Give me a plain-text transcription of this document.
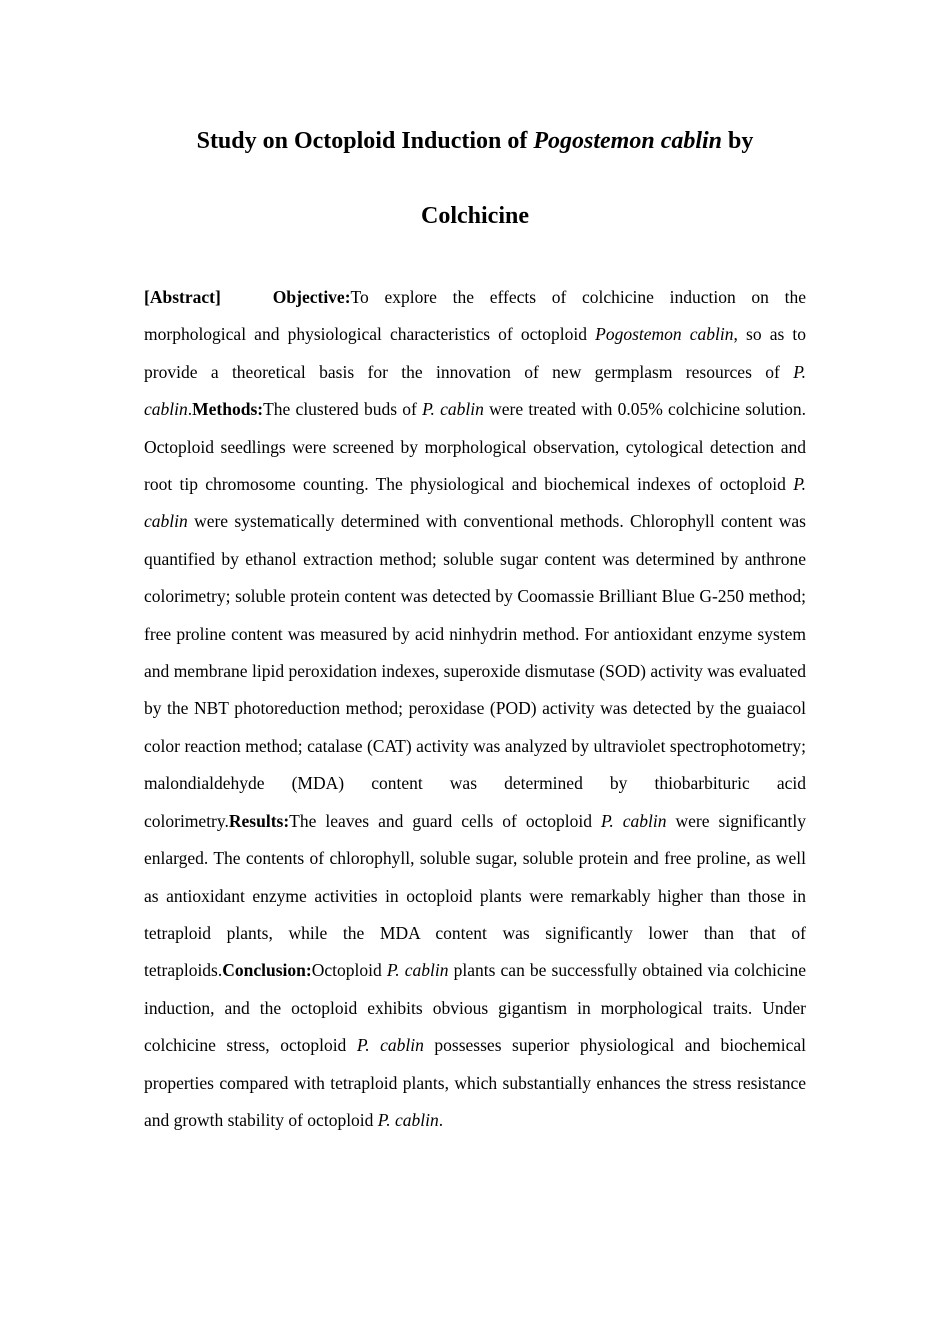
Study on Octoploid Induction of Pogostemon cablin by
Colchicine

[Abstract]	Objective:To explore the effects of colchicine induction on the morphological and physiological characteristics of octoploid Pogostemon cablin, so as to provide a theoretical basis for the innovation of new germplasm resources of P. cablin.Methods:The clustered buds of P. cablin were treated with 0.05% colchicine solution. Octoploid seedlings were screened by morphological observation, cytological detection and root tip chromosome counting. The physiological and biochemical indexes of octoploid P. cablin were systematically determined with conventional methods. Chlorophyll content was quantified by ethanol extraction method; soluble sugar content was determined by anthrone colorimetry; soluble protein content was detected by Coomassie Brilliant Blue G-250 method; free proline content was measured by acid ninhydrin method. For antioxidant enzyme system and membrane lipid peroxidation indexes, superoxide dismutase (SOD) activity was evaluated by the NBT photoreduction method; peroxidase (POD) activity was detected by the guaiacol color reaction method; catalase (CAT) activity was analyzed by ultraviolet spectrophotometry; malondialdehyde (MDA) content was determined by thiobarbituric acid colorimetry.Results:The leaves and guard cells of octoploid P. cablin were significantly enlarged. The contents of chlorophyll, soluble sugar, soluble protein and free proline, as well as antioxidant enzyme activities in octoploid plants were remarkably higher than those in tetraploid plants, while the MDA content was significantly lower than that of tetraploids.Conclusion:Octoploid P. cablin plants can be successfully obtained via colchicine induction, and the octoploid exhibits obvious gigantism in morphological traits. Under colchicine stress, octoploid P. cablin possesses superior physiological and biochemical properties compared with tetraploid plants, which substantially enhances the stress resistance and growth stability of octoploid P. cablin.
